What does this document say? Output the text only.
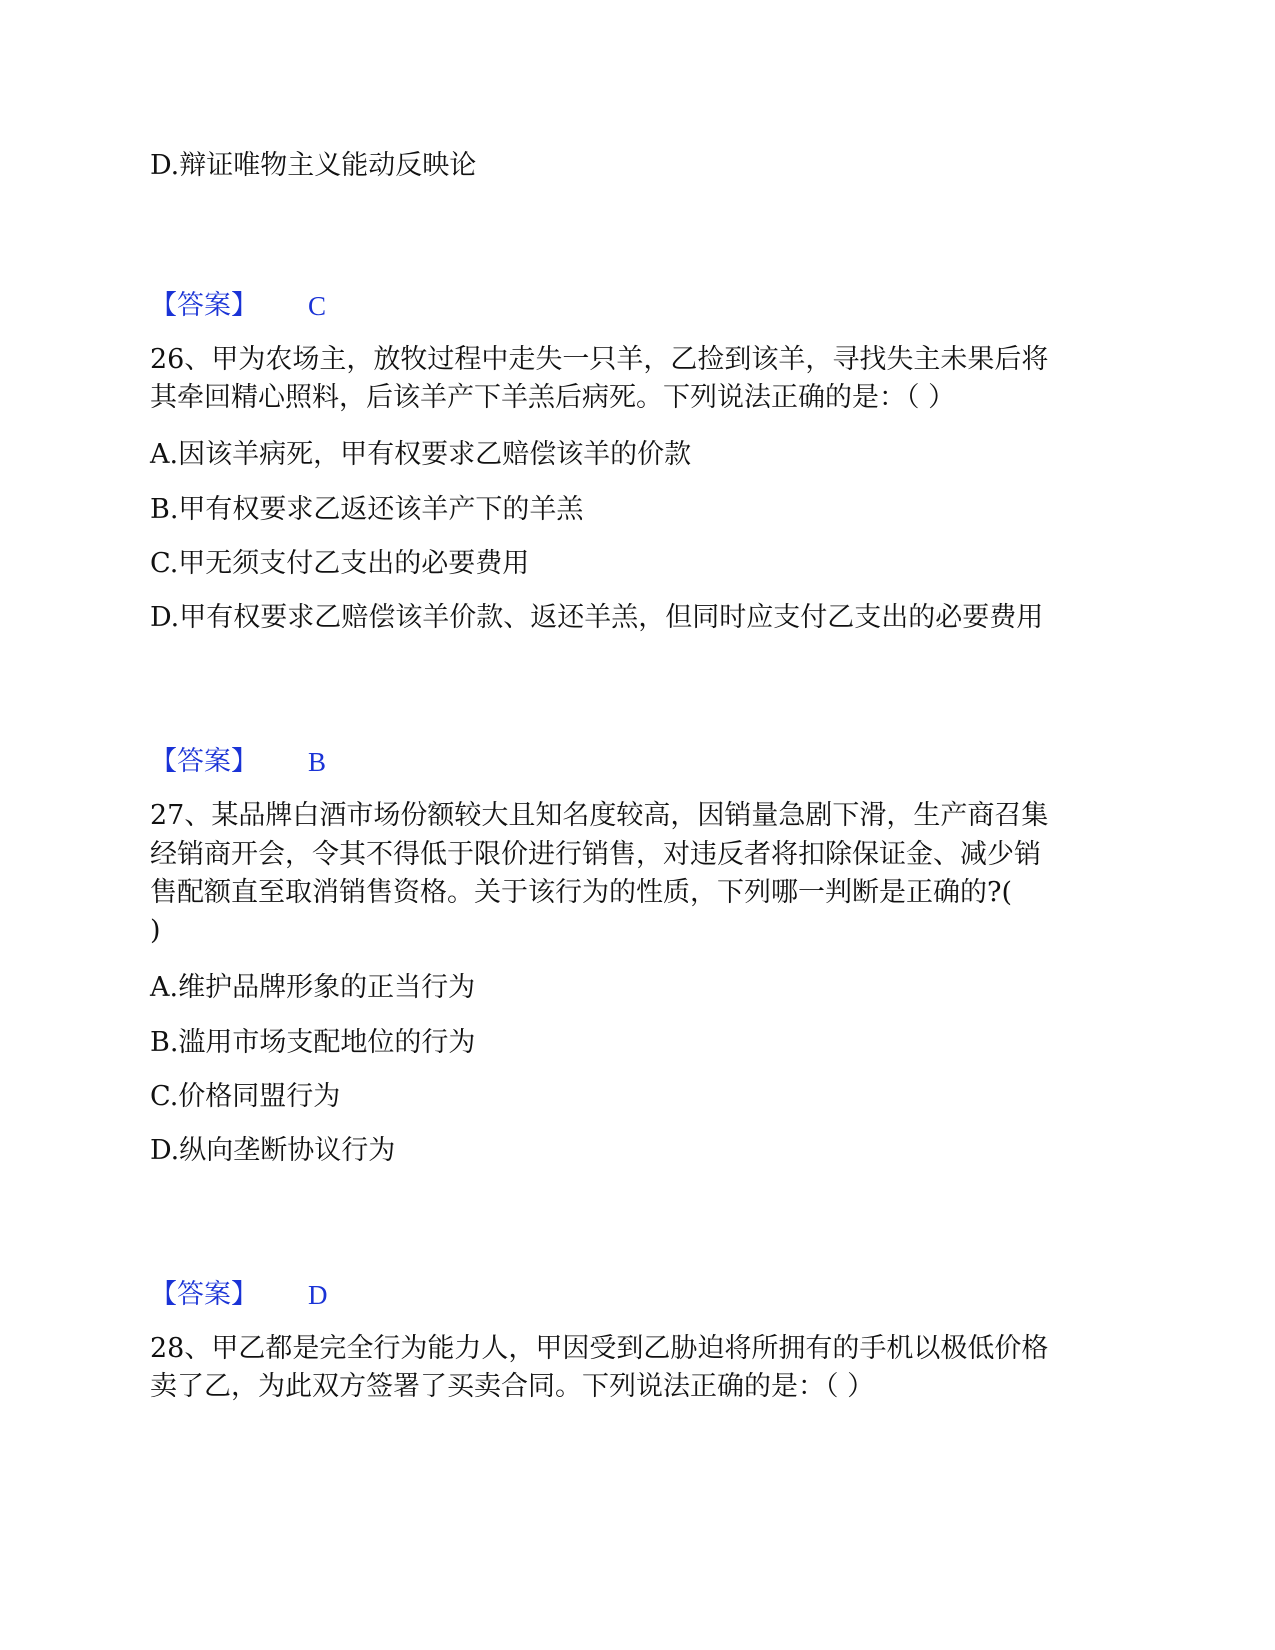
D.辩证唯物主义能动反映论
【答案】 C
26、甲为农场主，放牧过程中走失一只羊，乙捡到该羊，寻找失主未果后将
其牵回精心照料，后该羊产下羊羔后病死。下列说法正确的是：（ ）
A.因该羊病死，甲有权要求乙赔偿该羊的价款
B.甲有权要求乙返还该羊产下的羊羔
C.甲无须支付乙支出的必要费用
D.甲有权要求乙赔偿该羊价款、返还羊羔，但同时应支付乙支出的必要费用
【答案】 B
27、某品牌白酒市场份额较大且知名度较高，因销量急剧下滑，生产商召集
经销商开会，令其不得低于限价进行销售，对违反者将扣除保证金、减少销
售配额直至取消销售资格。关于该行为的性质，下列哪一判断是正确的?(
)
A.维护品牌形象的正当行为
B.滥用市场支配地位的行为
C.价格同盟行为
D.纵向垄断协议行为
【答案】 D
28、甲乙都是完全行为能力人，甲因受到乙胁迫将所拥有的手机以极低价格
卖了乙，为此双方签署了买卖合同。下列说法正确的是：（ ）
